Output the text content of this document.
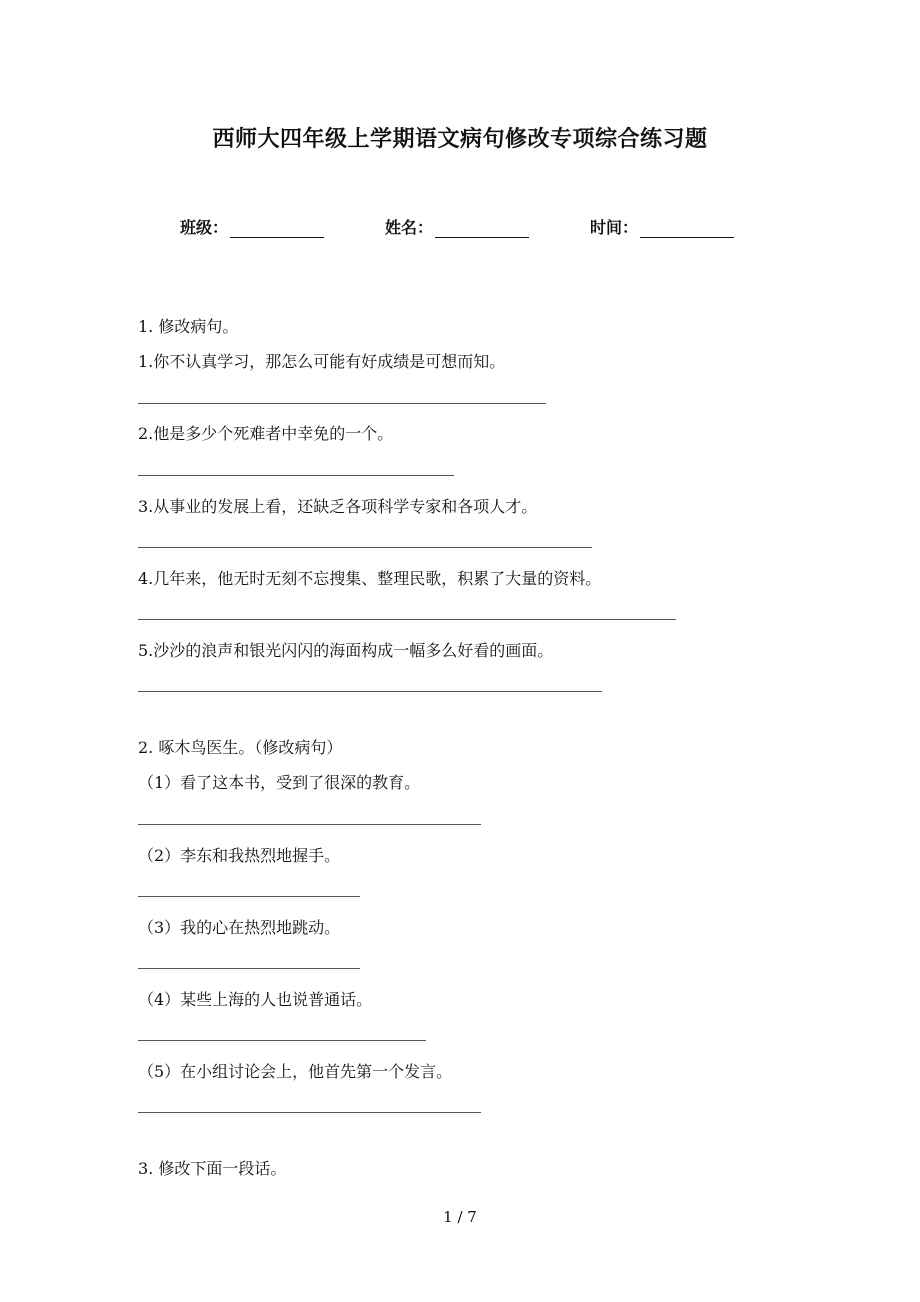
西师大四年级上学期语文病句修改专项综合练习题
班级：	姓名：	时间：
1. 修改病句。
1.你不认真学习，那怎么可能有好成绩是可想而知。
2.他是多少个死难者中幸免的一个。
3.从事业的发展上看，还缺乏各项科学专家和各项人才。
4.几年来，他无时无刻不忘搜集、整理民歌，积累了大量的资料。
5.沙沙的浪声和银光闪闪的海面构成一幅多么好看的画面。
2. 啄木鸟医生。（修改病句）
（1）看了这本书，受到了很深的教育。
（2）李东和我热烈地握手。
（3）我的心在热烈地跳动。
（4）某些上海的人也说普通话。
（5）在小组讨论会上，他首先第一个发言。
3. 修改下面一段话。
1 / 7
